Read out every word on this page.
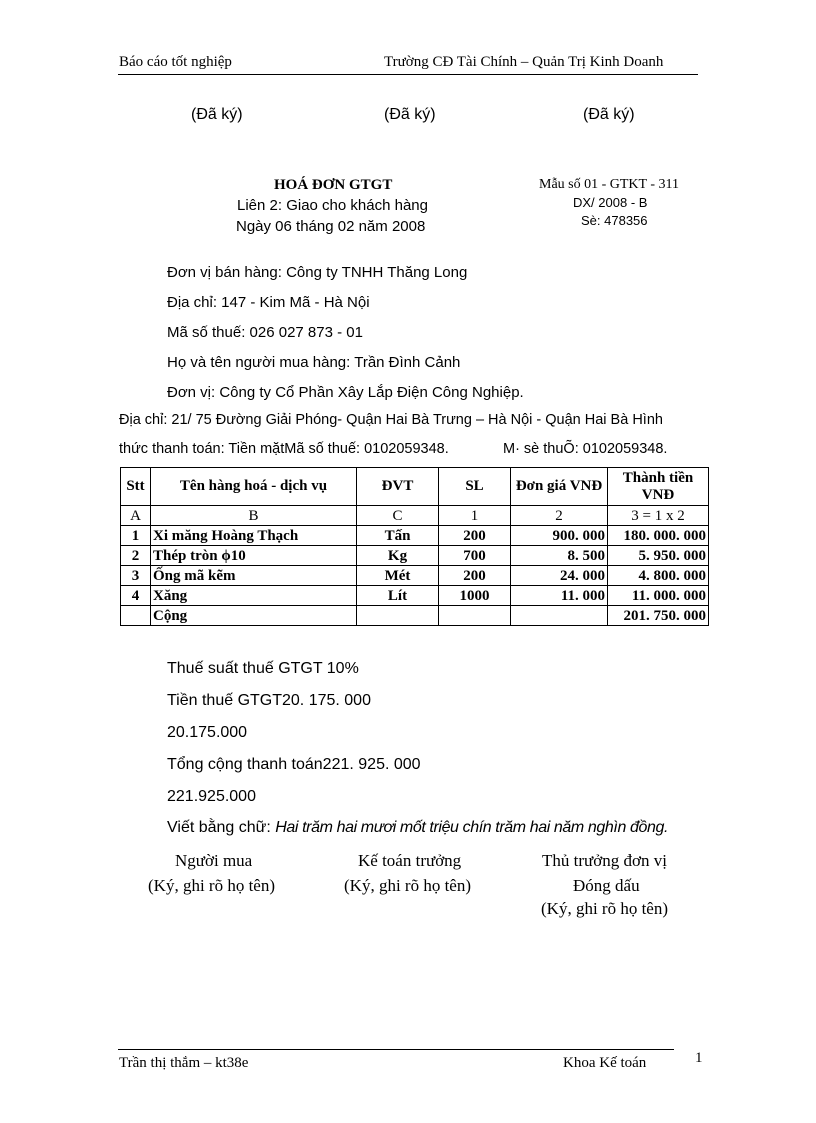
Báo cáo tốt nghiệp	Trường CĐ Tài Chính – Quản Trị Kinh Doanh
(Đã ký)	(Đã ký)	(Đã ký)
HOÁ ĐƠN GTGT
Liên 2: Giao cho khách hàng
Ngày 06 tháng 02 năm 2008
Mẫu số 01 - GTKT - 311
DX/ 2008 - B
Sè: 478356
Đơn vị bán hàng: Công ty TNHH Thăng Long
Địa chỉ: 147 - Kim Mã - Hà Nội
Mã số thuế: 026 027 873 - 01
Họ và tên người mua hàng: Trần Đình Cảnh
Đơn vị: Công ty Cổ Phần Xây Lắp Điện Công Nghiệp.
Địa chỉ: 21/ 75 Đường Giải Phóng- Quận Hai Bà Trưng – Hà Nội - Quận Hai Bà Hình
thức thanh toán: Tiền mặtMã số thuế: 0102059348.	M· sè thuÕ: 0102059348.
Stt	Tên hàng hoá - dịch vụ	ĐVT	SL	Đơn giá VNĐ	Thành tiền VNĐ
A	B	C	1	2	3 = 1 x 2
1	Xi măng Hoàng Thạch	Tấn	200	900. 000	180. 000. 000
2	Thép tròn ϕ10	Kg	700	8. 500	5. 950. 000
3	Ống mã kẽm	Mét	200	24. 000	4. 800. 000
4	Xăng	Lít	1000	11. 000	11. 000. 000
	Cộng				201. 750. 000
Thuế suất thuế GTGT 10%
Tiền thuế GTGT20. 175. 000
20.175.000
Tổng cộng thanh toán221. 925. 000
221.925.000
Viết bằng chữ: Hai trăm hai mươi mốt triệu chín trăm hai năm nghìn đồng.
Người mua
(Ký, ghi rõ họ tên)
Kế toán trưởng
(Ký, ghi rõ họ tên)
Thủ trưởng đơn vị
Đóng dấu
(Ký, ghi rõ họ tên)
Trần thị thắm – kt38e	Khoa Kế toán	1
